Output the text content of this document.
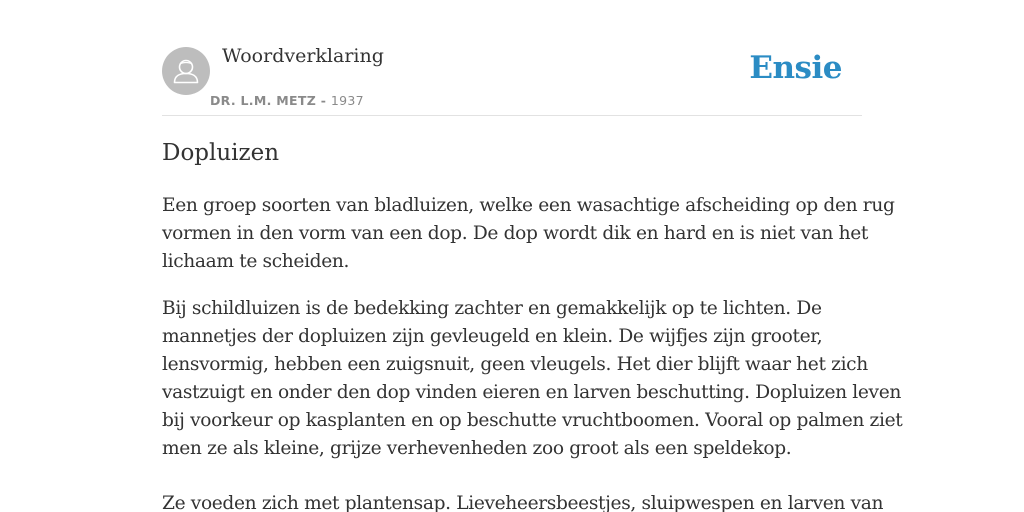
Woordverklaring
DR. L.M. METZ - 1937
Ensie
Dopluizen

Een groep soorten van bladluizen, welke een wasachtige afscheiding op den rug
vormen in den vorm van een dop. De dop wordt dik en hard en is niet van het
lichaam te scheiden.

Bij schildluizen is de bedekking zachter en gemakkelijk op te lichten. De
mannetjes der dopluizen zijn gevleugeld en klein. De wijfjes zijn grooter,
lensvormig, hebben een zuigsnuit, geen vleugels. Het dier blijft waar het zich
vastzuigt en onder den dop vinden eieren en larven beschutting. Dopluizen leven
bij voorkeur op kasplanten en op beschutte vruchtboomen. Vooral op palmen ziet
men ze als kleine, grijze verhevenheden zoo groot als een speldekop.

Ze voeden zich met plantensap. Lieveheersbeestjes, sluipwespen en larven van
